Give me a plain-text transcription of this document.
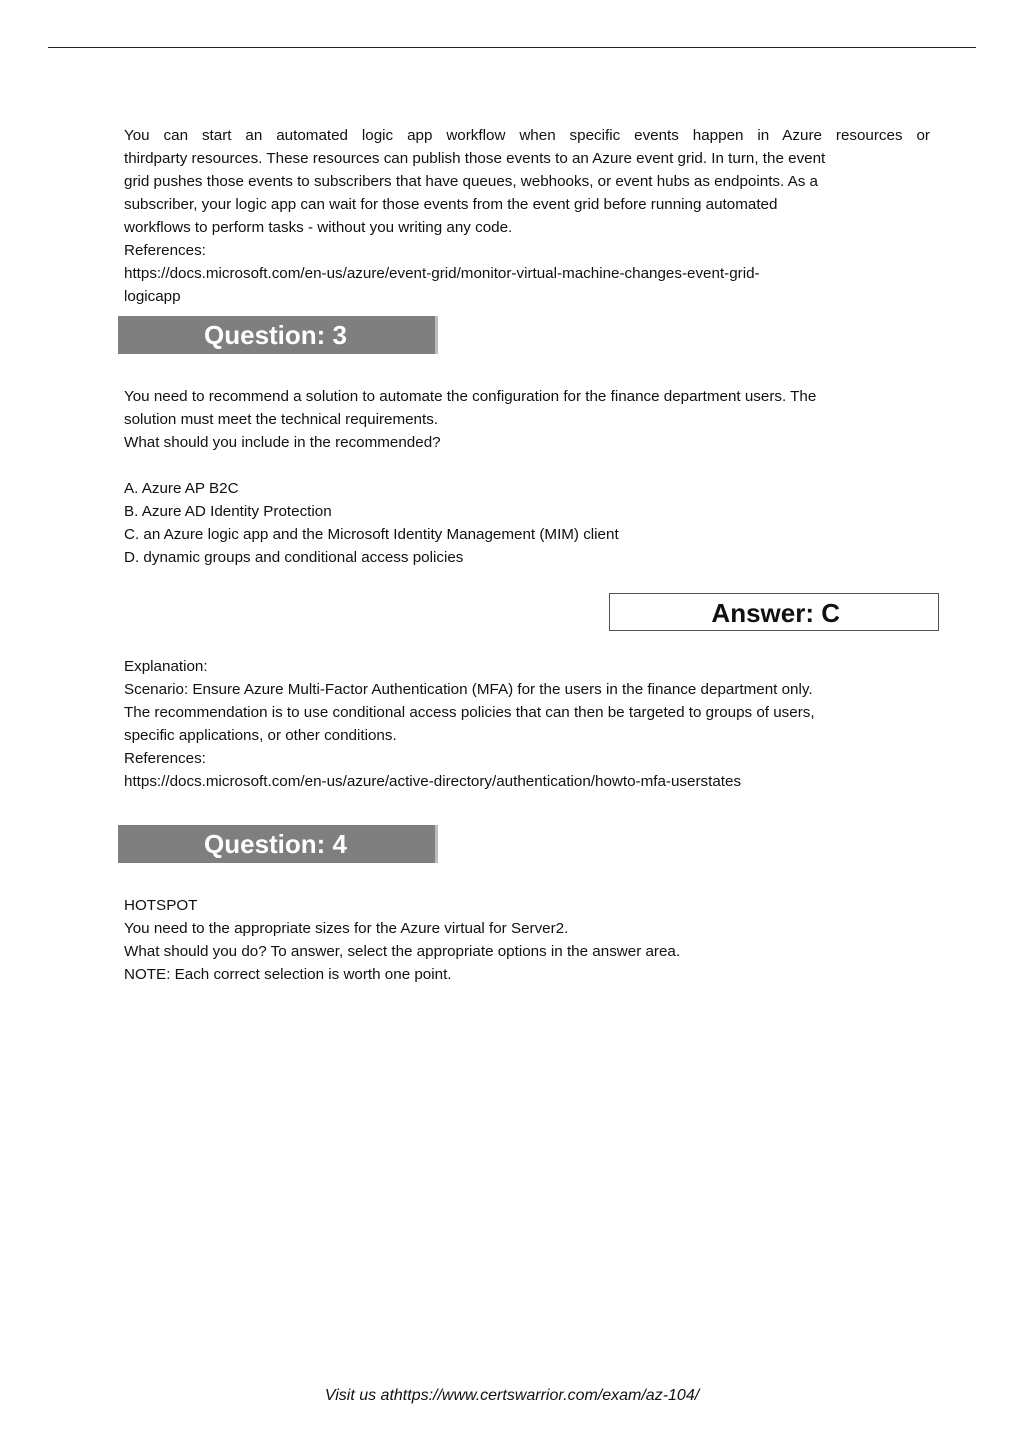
You can start an automated logic app workflow when specific events happen in Azure resources or
thirdparty resources. These resources can publish those events to an Azure event grid. In turn, the event
grid pushes those events to subscribers that have queues, webhooks, or event hubs as endpoints. As a
subscriber, your logic app can wait for those events from the event grid before running automated
workflows to perform tasks - without you writing any code.
References:
https://docs.microsoft.com/en-us/azure/event-grid/monitor-virtual-machine-changes-event-grid-
logicapp
Question: 3
You need to recommend a solution to automate the configuration for the finance department users. The
solution must meet the technical requirements.
What should you include in the recommended?
A. Azure AP B2C
B. Azure AD Identity Protection
C. an Azure logic app and the Microsoft Identity Management (MIM) client
D. dynamic groups and conditional access policies
Answer: C
Explanation:
Scenario: Ensure Azure Multi-Factor Authentication (MFA) for the users in the finance department only.
The recommendation is to use conditional access policies that can then be targeted to groups of users,
specific applications, or other conditions.
References:
https://docs.microsoft.com/en-us/azure/active-directory/authentication/howto-mfa-userstates
Question: 4
HOTSPOT
You need to the appropriate sizes for the Azure virtual for Server2.
What should you do? To answer, select the appropriate options in the answer area.
NOTE: Each correct selection is worth one point.
Visit us athttps://www.certswarrior.com/exam/az-104/
